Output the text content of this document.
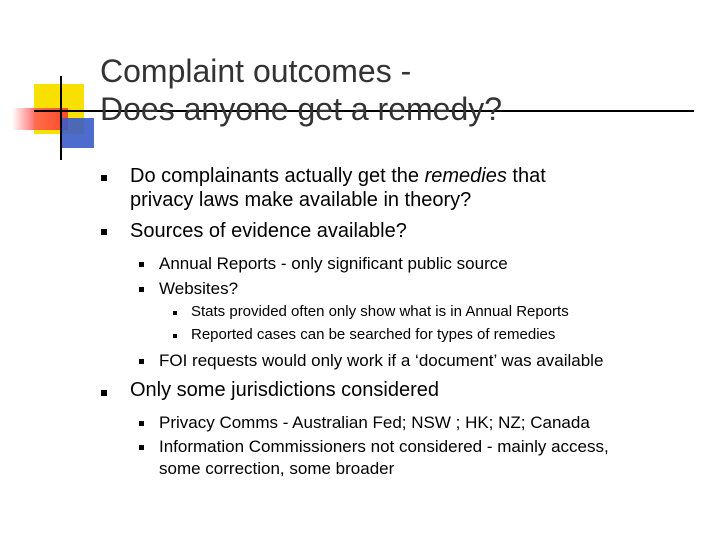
Complaint outcomes -
Does anyone get a remedy?
Do complainants actually get the remedies that
privacy laws make available in theory?
Sources of evidence available?
Annual Reports - only significant public source
Websites?
Stats provided often only show what is in Annual Reports
Reported cases can be searched for types of remedies
FOI requests would only work if a ‘document’ was available
Only some jurisdictions considered
Privacy Comms - Australian Fed; NSW ; HK; NZ; Canada
Information Commissioners not considered - mainly access,
some correction, some broader
